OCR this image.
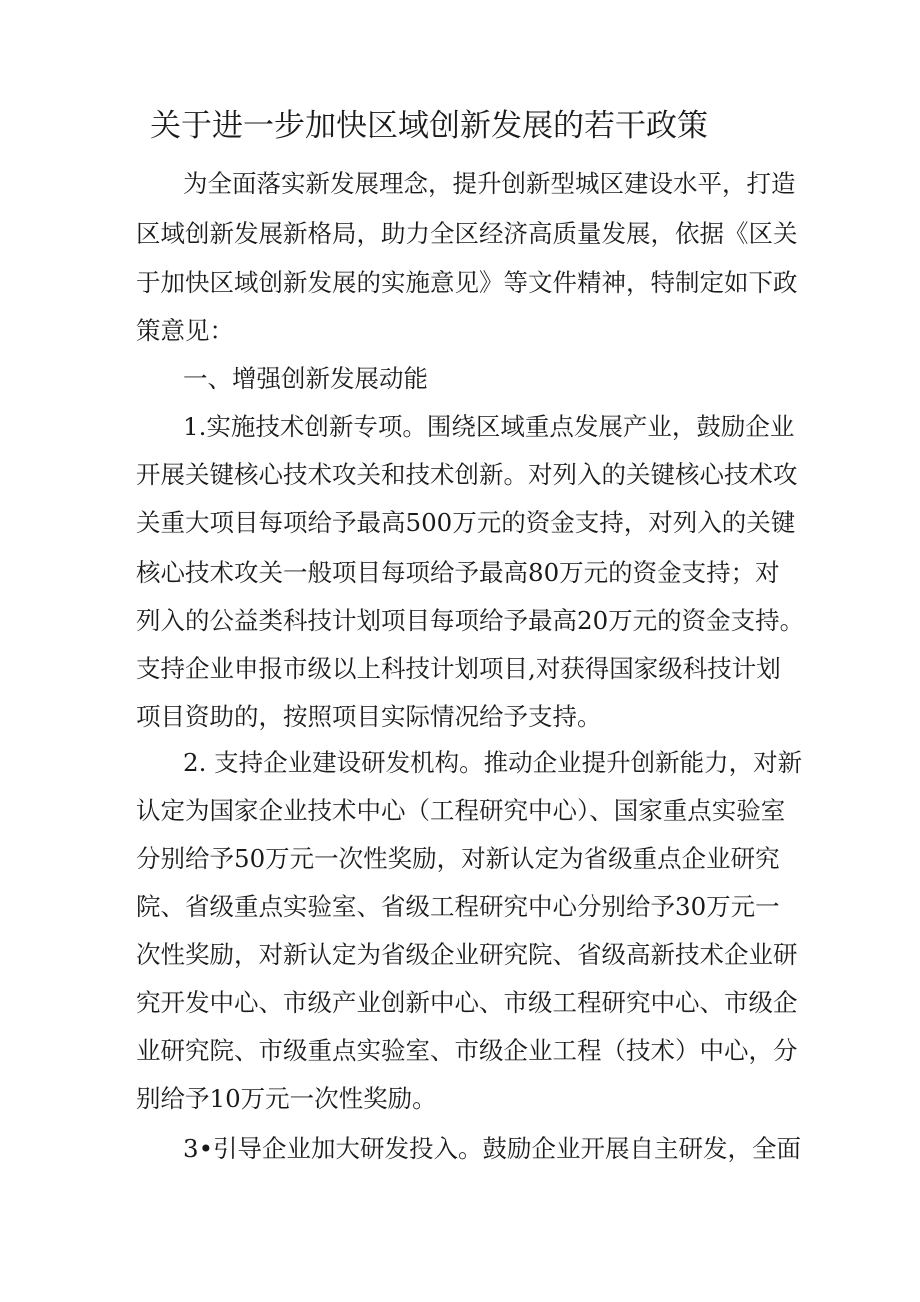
关于进一步加快区域创新发展的若干政策
为全面落实新发展理念，提升创新型城区建设水平，打造
区域创新发展新格局，助力全区经济高质量发展，依据《区关
于加快区域创新发展的实施意见》等文件精神，特制定如下政
策意见：
一、增强创新发展动能
1.实施技术创新专项。围绕区域重点发展产业，鼓励企业
开展关键核心技术攻关和技术创新。对列入的关键核心技术攻
关重大项目每项给予最高500万元的资金支持，对列入的关键
核心技术攻关一般项目每项给予最高80万元的资金支持；对
列入的公益类科技计划项目每项给予最高20万元的资金支持。
支持企业申报市级以上科技计划项目,对获得国家级科技计划
项目资助的，按照项目实际情况给予支持。
2. 支持企业建设研发机构。推动企业提升创新能力，对新
认定为国家企业技术中心（工程研究中心）、国家重点实验室
分别给予50万元一次性奖励，对新认定为省级重点企业研究
院、省级重点实验室、省级工程研究中心分别给予30万元一
次性奖励，对新认定为省级企业研究院、省级高新技术企业研
究开发中心、市级产业创新中心、市级工程研究中心、市级企
业研究院、市级重点实验室、市级企业工程（技术）中心，分
别给予10万元一次性奖励。
3•引导企业加大研发投入。鼓励企业开展自主研发，全面
